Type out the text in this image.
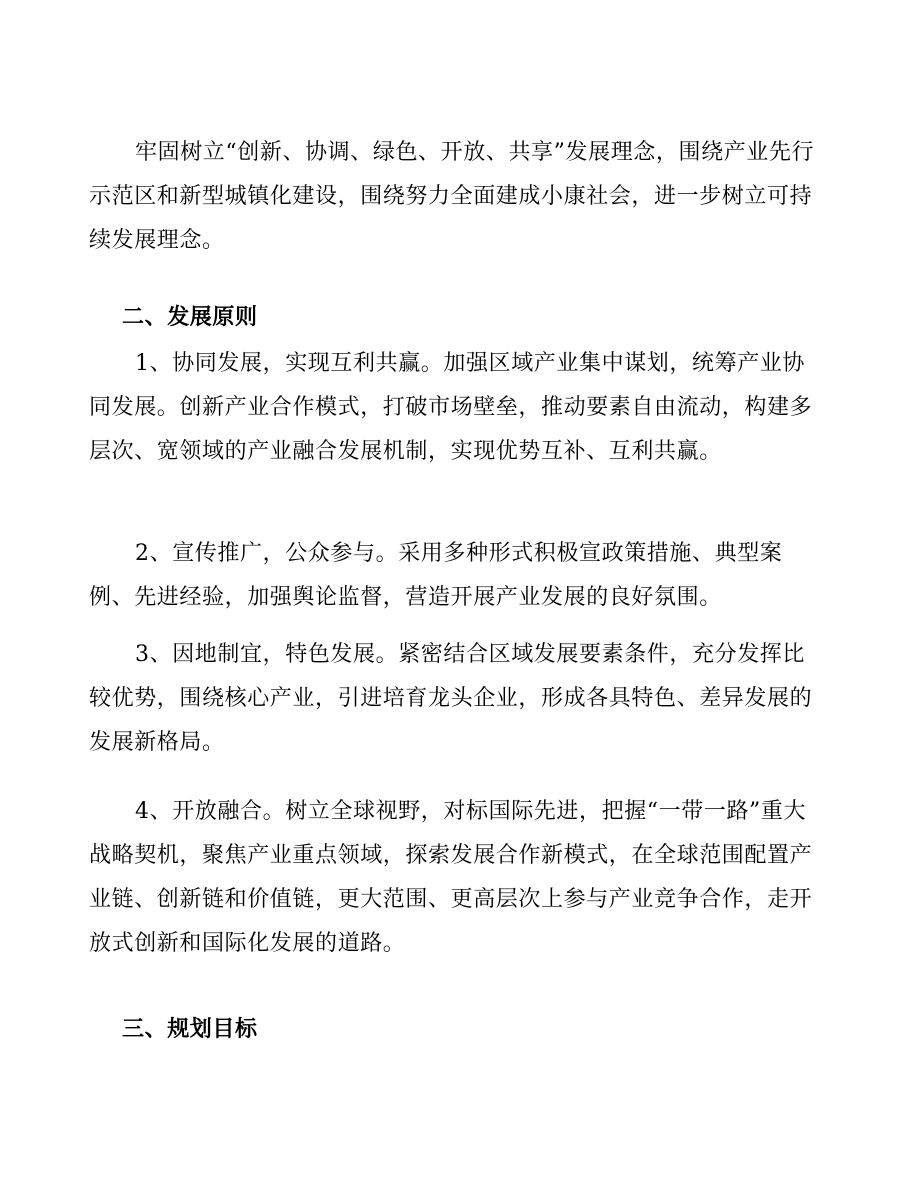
牢固树立“创新、协调、绿色、开放、共享”发展理念，围绕产业先行示范区和新型城镇化建设，围绕努力全面建成小康社会，进一步树立可持续发展理念。

二、发展原则

1、协同发展，实现互利共赢。加强区域产业集中谋划，统筹产业协同发展。创新产业合作模式，打破市场壁垒，推动要素自由流动，构建多层次、宽领域的产业融合发展机制，实现优势互补、互利共赢。

2、宣传推广，公众参与。采用多种形式积极宣政策措施、典型案例、先进经验，加强舆论监督，营造开展产业发展的良好氛围。

3、因地制宜，特色发展。紧密结合区域发展要素条件，充分发挥比较优势，围绕核心产业，引进培育龙头企业，形成各具特色、差异发展的发展新格局。

4、开放融合。树立全球视野，对标国际先进，把握“一带一路”重大战略契机，聚焦产业重点领域，探索发展合作新模式，在全球范围配置产业链、创新链和价值链，更大范围、更高层次上参与产业竞争合作，走开放式创新和国际化发展的道路。

三、规划目标
